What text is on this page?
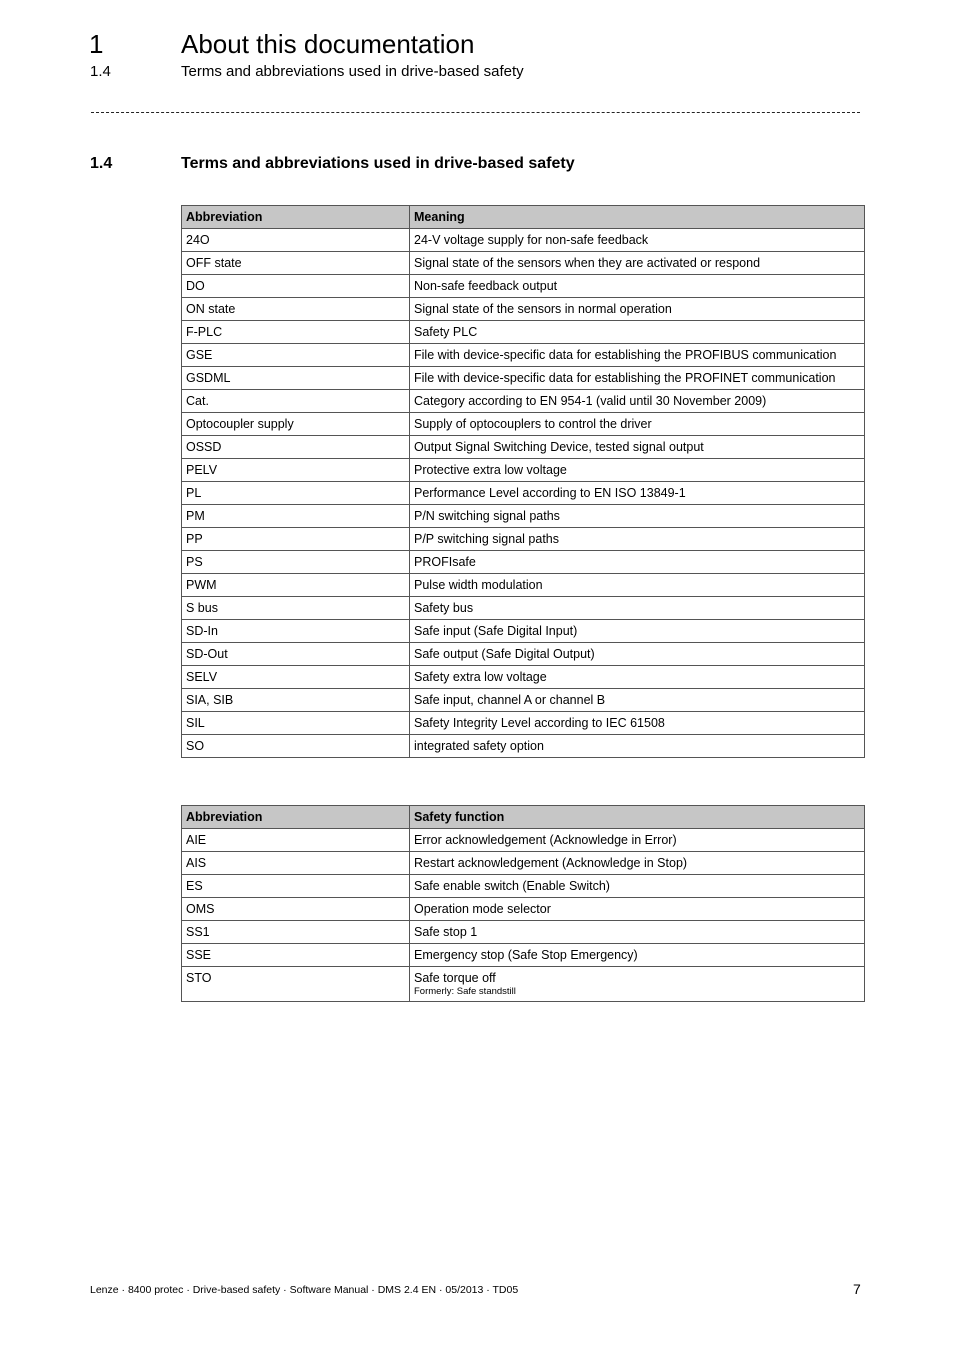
1	About this documentation
1.4	Terms and abbreviations used in drive-based safety
1.4	Terms and abbreviations used in drive-based safety
Abbreviation	Meaning
24O	24-V voltage supply for non-safe feedback
OFF state	Signal state of the sensors when they are activated or respond
DO	Non-safe feedback output
ON state	Signal state of the sensors in normal operation
F-PLC	Safety PLC
GSE	File with device-specific data for establishing the PROFIBUS communication
GSDML	File with device-specific data for establishing the PROFINET communication
Cat.	Category according to EN 954-1 (valid until 30 November 2009)
Optocoupler supply	Supply of optocouplers to control the driver
OSSD	Output Signal Switching Device, tested signal output
PELV	Protective extra low voltage
PL	Performance Level according to EN ISO 13849-1
PM	P/N switching signal paths
PP	P/P switching signal paths
PS	PROFIsafe
PWM	Pulse width modulation
S bus	Safety bus
SD-In	Safe input (Safe Digital Input)
SD-Out	Safe output (Safe Digital Output)
SELV	Safety extra low voltage
SIA, SIB	Safe input, channel A or channel B
SIL	Safety Integrity Level according to IEC 61508
SO	integrated safety option
Abbreviation	Safety function
AIE	Error acknowledgement (Acknowledge in Error)
AIS	Restart acknowledgement (Acknowledge in Stop)
ES	Safe enable switch (Enable Switch)
OMS	Operation mode selector
SS1	Safe stop 1
SSE	Emergency stop (Safe Stop Emergency)
STO	Safe torque off
Formerly: Safe standstill
Lenze · 8400 protec · Drive-based safety · Software Manual · DMS 2.4 EN · 05/2013 · TD05	7
